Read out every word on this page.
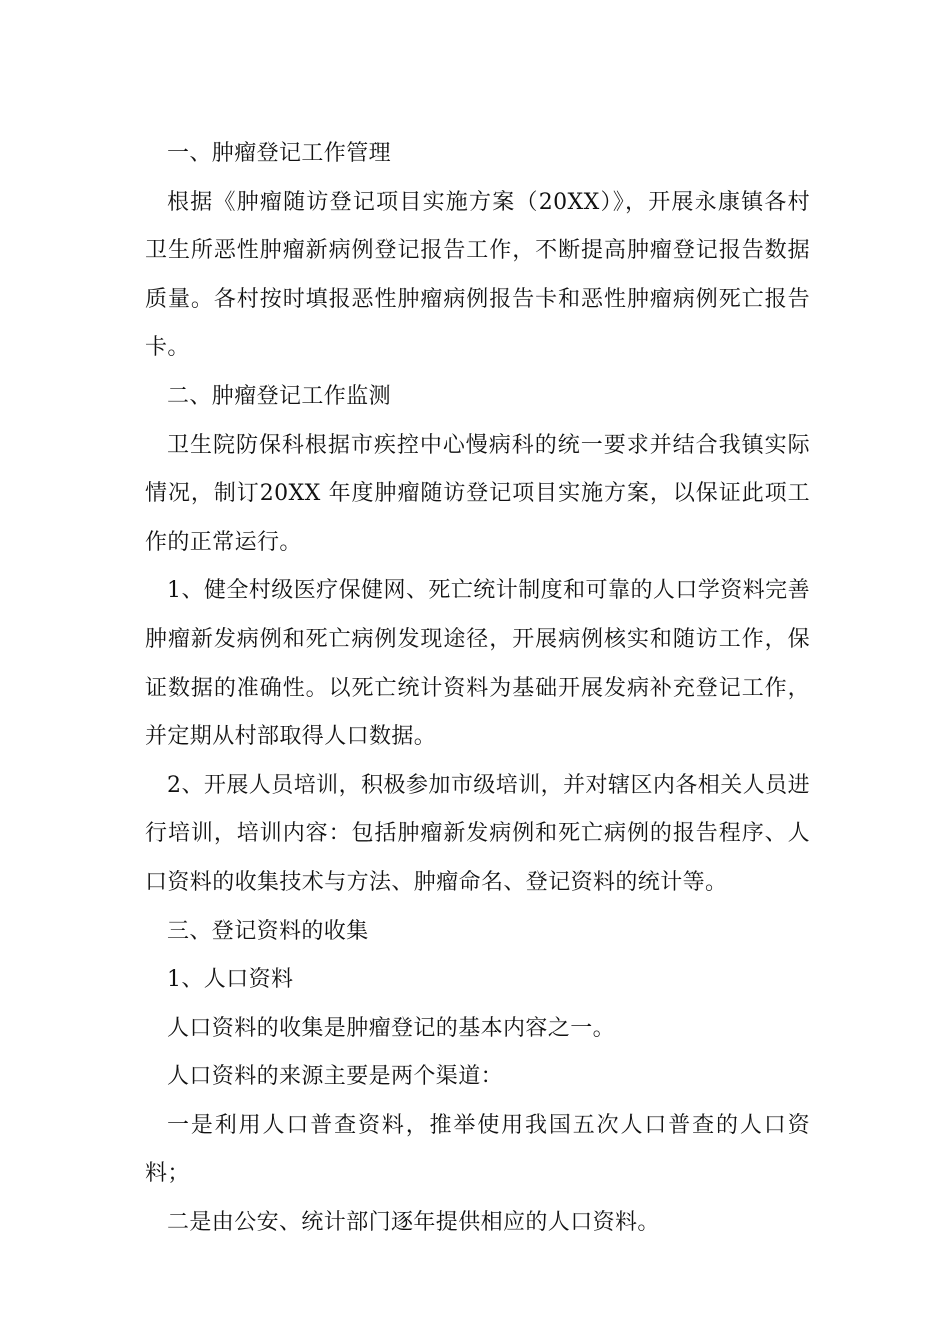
一、肿瘤登记工作管理

根据《肿瘤随访登记项目实施方案（20XX）》，开展永康镇各村卫生所恶性肿瘤新病例登记报告工作，不断提高肿瘤登记报告数据质量。各村按时填报恶性肿瘤病例报告卡和恶性肿瘤病例死亡报告卡。

二、肿瘤登记工作监测

卫生院防保科根据市疾控中心慢病科的统一要求并结合我镇实际情况，制订20XX 年度肿瘤随访登记项目实施方案，以保证此项工作的正常运行。

1、健全村级医疗保健网、死亡统计制度和可靠的人口学资料完善肿瘤新发病例和死亡病例发现途径，开展病例核实和随访工作，保证数据的准确性。以死亡统计资料为基础开展发病补充登记工作，并定期从村部取得人口数据。

2、开展人员培训，积极参加市级培训，并对辖区内各相关人员进行培训，培训内容：包括肿瘤新发病例和死亡病例的报告程序、人口资料的收集技术与方法、肿瘤命名、登记资料的统计等。

三、登记资料的收集

1、人口资料

人口资料的收集是肿瘤登记的基本内容之一。

人口资料的来源主要是两个渠道：

一是利用人口普查资料，推举使用我国五次人口普查的人口资料；

二是由公安、统计部门逐年提供相应的人口资料。
